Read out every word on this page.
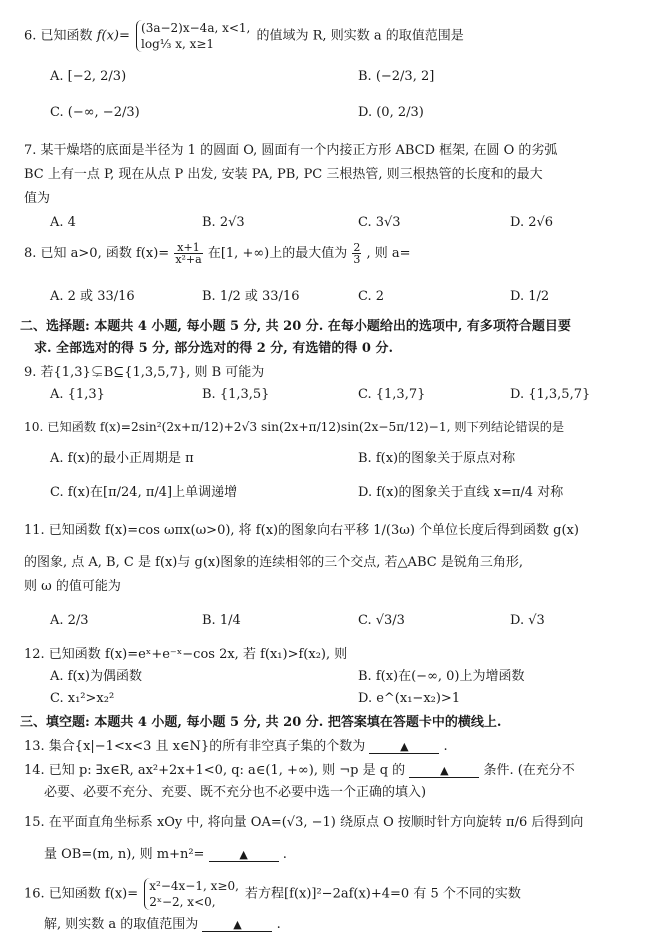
6. 已知函数 f(x)=
(3a−2)x−4a, x<1,
log⅓ x, x≥1
的值域为 R, 则实数 a 的取值范围是
A. [−2, 2/3)	B. (−2/3, 2]
C. (−∞, −2/3)	D. (0, 2/3)
7. 某干燥塔的底面是半径为 1 的圆面 O, 圆面有一个内接正方形 ABCD 框架, 在圆 O 的劣弧
BC 上有一点 P, 现在从点 P 出发, 安装 PA, PB, PC 三根热管, 则三根热管的长度和的最大
值为
A. 4	B. 2√3	C. 3√3	D. 2√6
8. 已知 a>0, 函数 $f(x)= \frac{x+1}{\text{x²+a}}$ 在[1, +∞)上的最大值为 $\frac{2}{3}$ , 则 a=
A. 2 或 33/16	B. 1/2 或 33/16	C. 2	D. 1/2
二、选择题: 本题共 4 小题, 每小题 5 分, 共 20 分. 在每小题给出的选项中, 有多项符合题目要
求. 全部选对的得 5 分, 部分选对的得 2 分, 有选错的得 0 分.
9. 若{1,3}⊊B⊆{1,3,5,7}, 则 B 可能为
A. {1,3}	B. {1,3,5}	C. {1,3,7}	D. {1,3,5,7}
10. 已知函数 f(x)=2sin²(2x+π/12)+2√3 sin(2x+π/12)sin(2x−5π/12)−1, 则下列结论错误的是
A. f(x)的最小正周期是 π	B. f(x)的图象关于原点对称
C. f(x)在[π/24, π/4]上单调递增	D. f(x)的图象关于直线 x=π/4 对称
11. 已知函数 f(x)=cos ωπx(ω>0), 将 f(x)的图象向右平移 1/(3ω) 个单位长度后得到函数 g(x)
的图象, 点 A, B, C 是 f(x)与 g(x)图象的连续相邻的三个交点, 若△ABC 是锐角三角形,
则 ω 的值可能为
A. 2/3	B. 1/4	C. √3/3	D. √3
12. 已知函数 f(x)=eˣ+e⁻ˣ−cos 2x, 若 f(x₁)>f(x₂), 则
A. f(x)为偶函数	B. f(x)在(−∞, 0)上为增函数
C. x₁²>x₂²	D. e^(x₁−x₂)>1
三、填空题: 本题共 4 小题, 每小题 5 分, 共 20 分. 把答案填在答题卡中的横线上.
13. 集合{x|−1<x<3 且 x∈N}的所有非空真子集的个数为	▲	.
14. 已知 p: ∃x∈R, ax²+2x+1<0, q: a∈(1, +∞), 则 ¬p 是 q 的	▲	条件. (在充分不
必要、必要不充分、充要、既不充分也不必要中选一个正确的填入)
15. 在平面直角坐标系 xOy 中, 将向量 OA=(√3, −1) 绕原点 O 按顺时针方向旋转 π/6 后得到向
量 OB=(m, n), 则 m+n²=	▲	.
16. 已知函数 f(x)=
x²−4x−1, x≥0,
2ˣ−2, x<0,
若方程[f(x)]²−2af(x)+4=0 有 5 个不同的实数
解, 则实数 a 的取值范围为	▲	.
